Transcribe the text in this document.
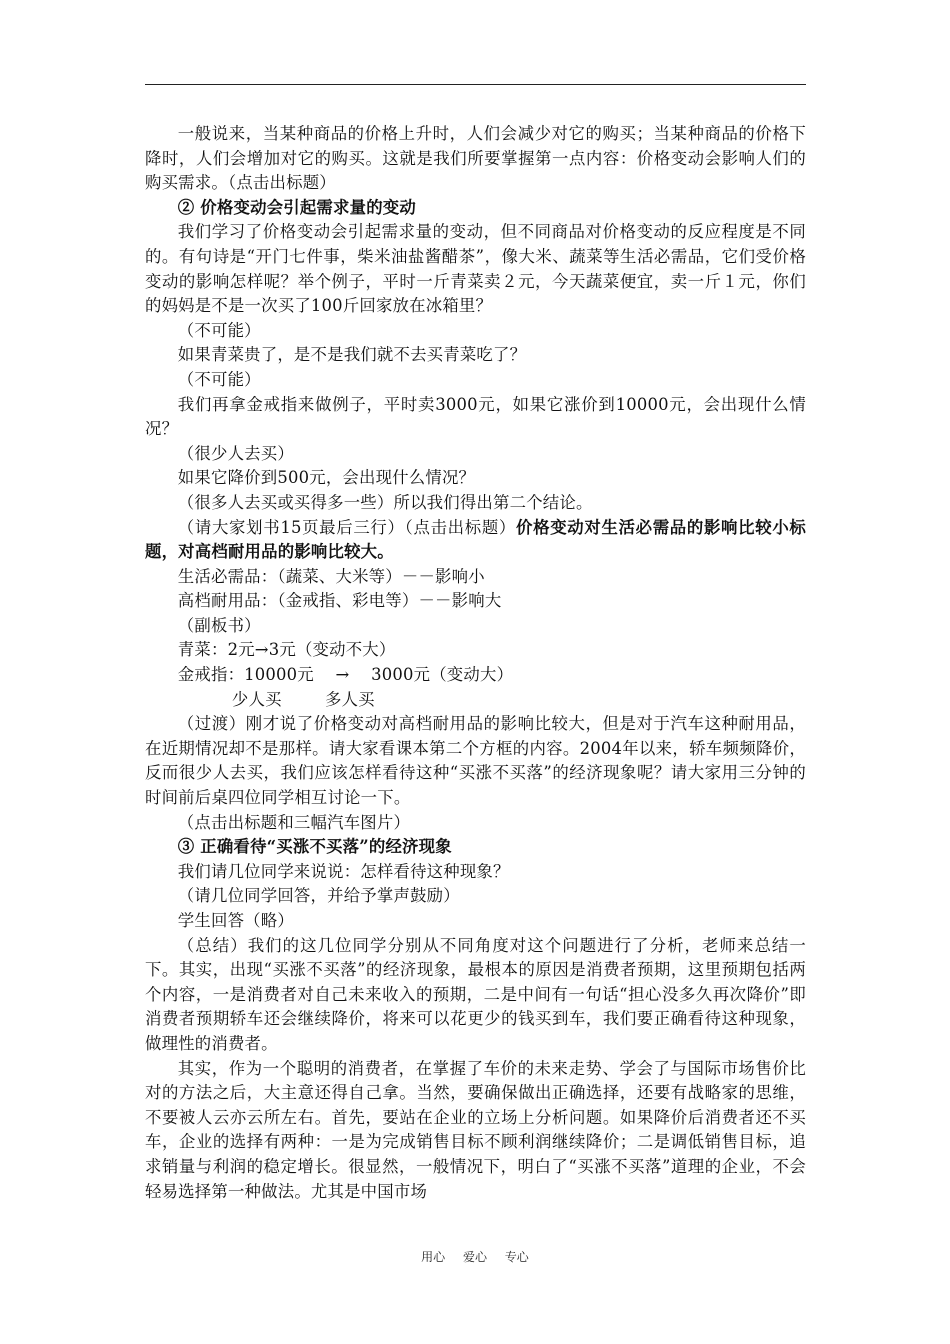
一般说来，当某种商品的价格上升时，人们会减少对它的购买；当某种商品的价格下降时，人们会增加对它的购买。这就是我们所要掌握第一点内容：价格变动会影响人们的购买需求。（点击出标题）

② 价格变动会引起需求量的变动

我们学习了价格变动会引起需求量的变动，但不同商品对价格变动的反应程度是不同的。有句诗是“开门七件事，柴米油盐酱醋茶”，像大米、蔬菜等生活必需品，它们受价格变动的影响怎样呢？举个例子，平时一斤青菜卖２元，今天蔬菜便宜，卖一斤１元，你们的妈妈是不是一次买了100斤回家放在冰箱里？

（不可能）

如果青菜贵了，是不是我们就不去买青菜吃了？

（不可能）

我们再拿金戒指来做例子，平时卖3000元，如果它涨价到10000元，会出现什么情况？

（很少人去买）

如果它降价到500元，会出现什么情况？

（很多人去买或买得多一些）所以我们得出第二个结论。

（请大家划书15页最后三行）（点击出标题）价格变动对生活必需品的影响比较小标题，对高档耐用品的影响比较大。

生活必需品：（蔬菜、大米等）－－影响小

高档耐用品：（金戒指、彩电等）－－影响大

（副板书）

青菜：2元→3元（变动不大）

金戒指：10000元    →    3000元（变动大）

少人买        多人买

（过渡）刚才说了价格变动对高档耐用品的影响比较大，但是对于汽车这种耐用品，在近期情况却不是那样。请大家看课本第二个方框的内容。2004年以来，轿车频频降价，反而很少人去买，我们应该怎样看待这种“买涨不买落”的经济现象呢？请大家用三分钟的时间前后桌四位同学相互讨论一下。

（点击出标题和三幅汽车图片）

③ 正确看待“买涨不买落”的经济现象

我们请几位同学来说说：怎样看待这种现象？

（请几位同学回答，并给予掌声鼓励）

学生回答（略）

（总结）我们的这几位同学分别从不同角度对这个问题进行了分析，老师来总结一下。其实，出现“买涨不买落”的经济现象，最根本的原因是消费者预期，这里预期包括两个内容，一是消费者对自己未来收入的预期，二是中间有一句话“担心没多久再次降价”即消费者预期轿车还会继续降价，将来可以花更少的钱买到车，我们要正确看待这种现象，做理性的消费者。

其实，作为一个聪明的消费者，在掌握了车价的未来走势、学会了与国际市场售价比对的方法之后，大主意还得自己拿。当然，要确保做出正确选择，还要有战略家的思维，不要被人云亦云所左右。首先，要站在企业的立场上分析问题。如果降价后消费者还不买车，企业的选择有两种：一是为完成销售目标不顾利润继续降价；二是调低销售目标，追求销量与利润的稳定增长。很显然，一般情况下，明白了“买涨不买落”道理的企业，不会轻易选择第一种做法。尤其是中国市场

用心 爱心 专心
